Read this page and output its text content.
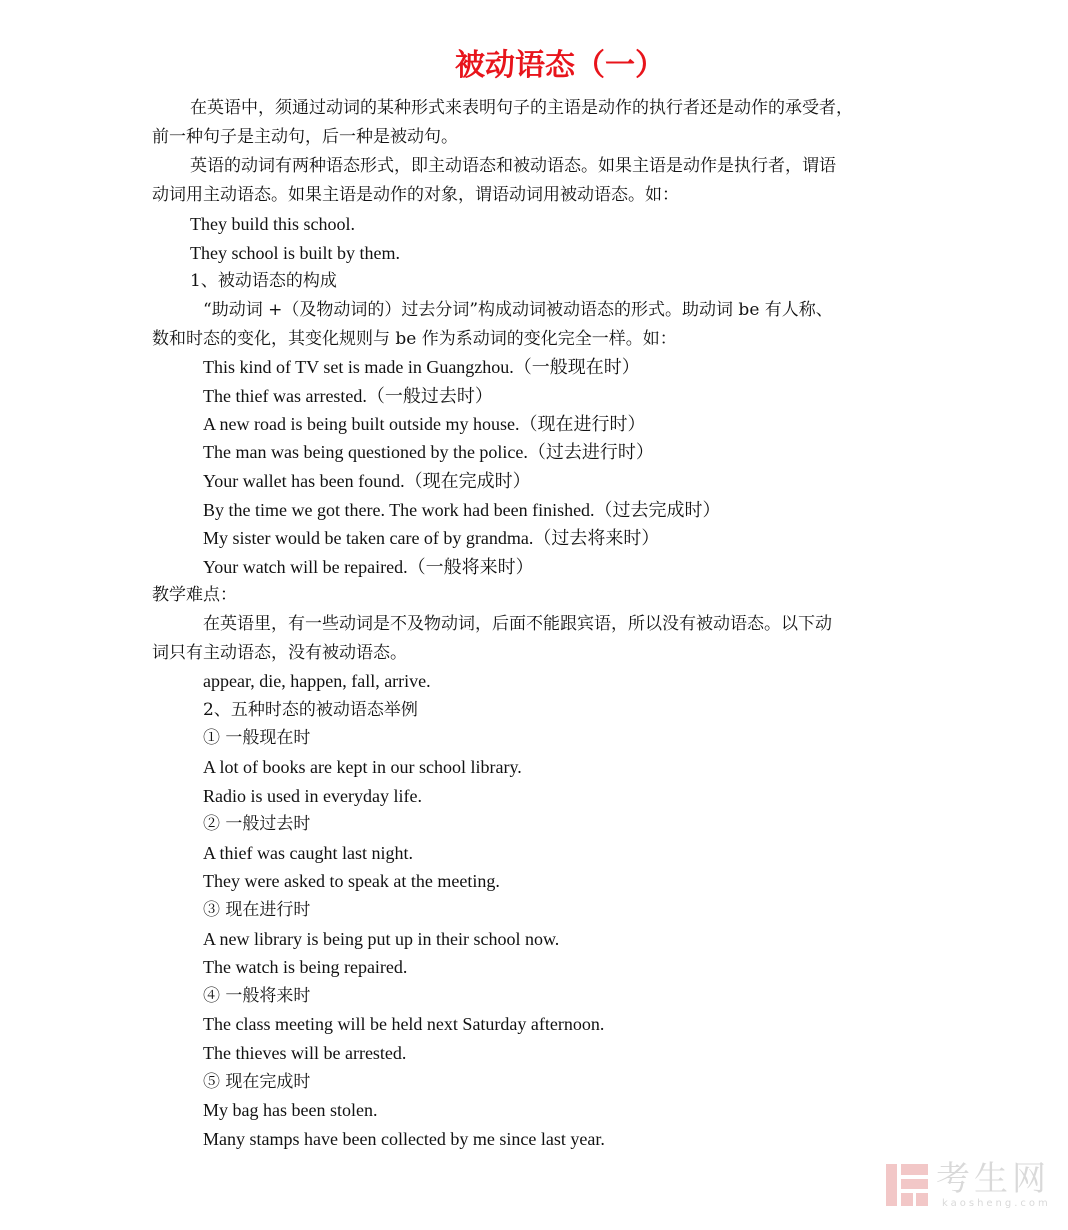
被动语态（一）

在英语中，须通过动词的某种形式来表明句子的主语是动作的执行者还是动作的承受者，

前一种句子是主动句，后一种是被动句。

英语的动词有两种语态形式，即主动语态和被动语态。如果主语是动作是执行者，谓语

动词用主动语态。如果主语是动作的对象，谓语动词用被动语态。如：

They build this school.

They school is built by them.

1、被动语态的构成

“助动词 +（及物动词的）过去分词”构成动词被动语态的形式。助动词 be 有人称、

数和时态的变化，其变化规则与 be 作为系动词的变化完全一样。如：

This kind of TV set is made in Guangzhou.（一般现在时）

The thief was arrested.（一般过去时）

A new road is being built outside my house.（现在进行时）

The man was being questioned by the police.（过去进行时）

Your wallet has been found.（现在完成时）

By the time we got there. The work had been finished.（过去完成时）

My sister would be taken care of by grandma.（过去将来时）

Your watch will be repaired.（一般将来时）

教学难点：

在英语里，有一些动词是不及物动词，后面不能跟宾语，所以没有被动语态。以下动

词只有主动语态，没有被动语态。

appear, die, happen, fall, arrive.

2、五种时态的被动语态举例

① 一般现在时

A lot of books are kept in our school library.

Radio is used in everyday life.

② 一般过去时

A thief was caught last night.

They were asked to speak at the meeting.

③ 现在进行时

A new library is being put up in their school now.

The watch is being repaired.

④ 一般将来时

The class meeting will be held next Saturday afternoon.

The thieves will be arrested.

⑤ 现在完成时

My bag has been stolen.

Many stamps have been collected by me since last year.

考生网
kaosheng.com
